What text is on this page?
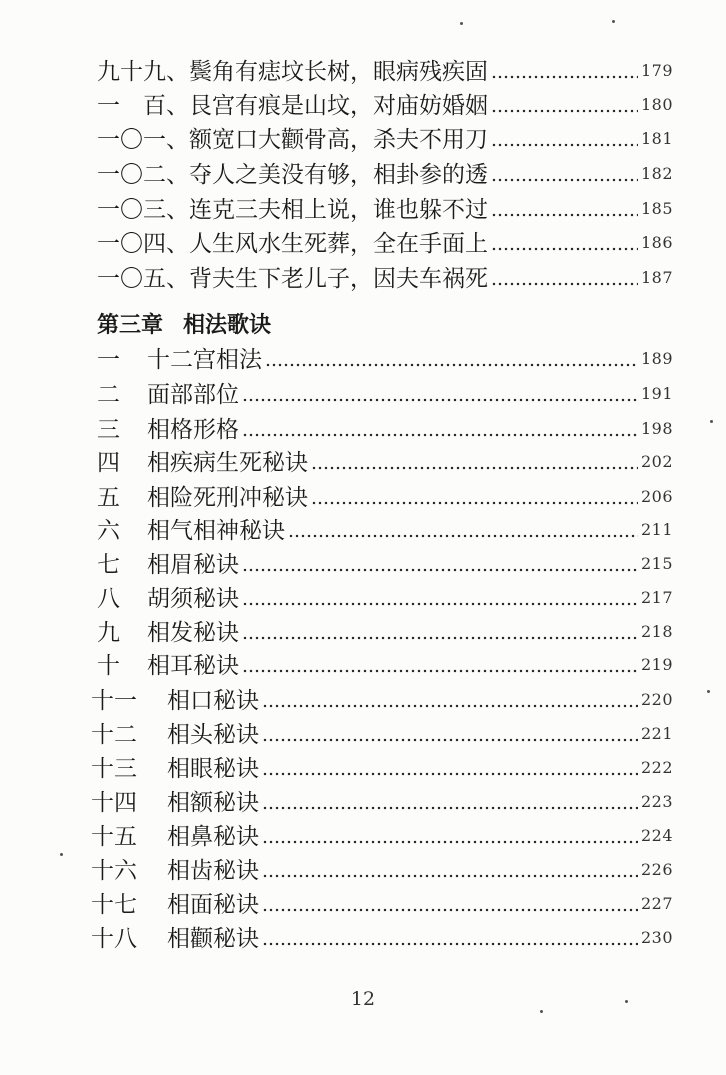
九十九 、 鬓角有痣坟长树，眼病残疾固	179
一　百 、 艮宫有痕是山坟，对庙妨婚姻	180
一〇一 、 额宽口大颧骨高，杀夫不用刀	181
一〇二 、 夺人之美没有够，相卦参的透	182
一〇三 、 连克三夫相上说，谁也躲不过	185
一〇四 、 人生风水生死葬，全在手面上	186
一〇五 、 背夫生下老儿子，因夫车祸死	187
第三章 相法歌诀
一	十二宫相法	189
二	面部部位	191
三	相格形格	198
四	相疾病生死秘诀	202
五	相险死刑冲秘诀	206
六	相气相神秘诀	211
七	相眉秘诀	215
八	胡须秘诀	217
九	相发秘诀	218
十	相耳秘诀	219
十一	相口秘诀	220
十二	相头秘诀	221
十三	相眼秘诀	222
十四	相额秘诀	223
十五	相鼻秘诀	224
十六	相齿秘诀	226
十七	相面秘诀	227
十八	相颧秘诀	230
12
